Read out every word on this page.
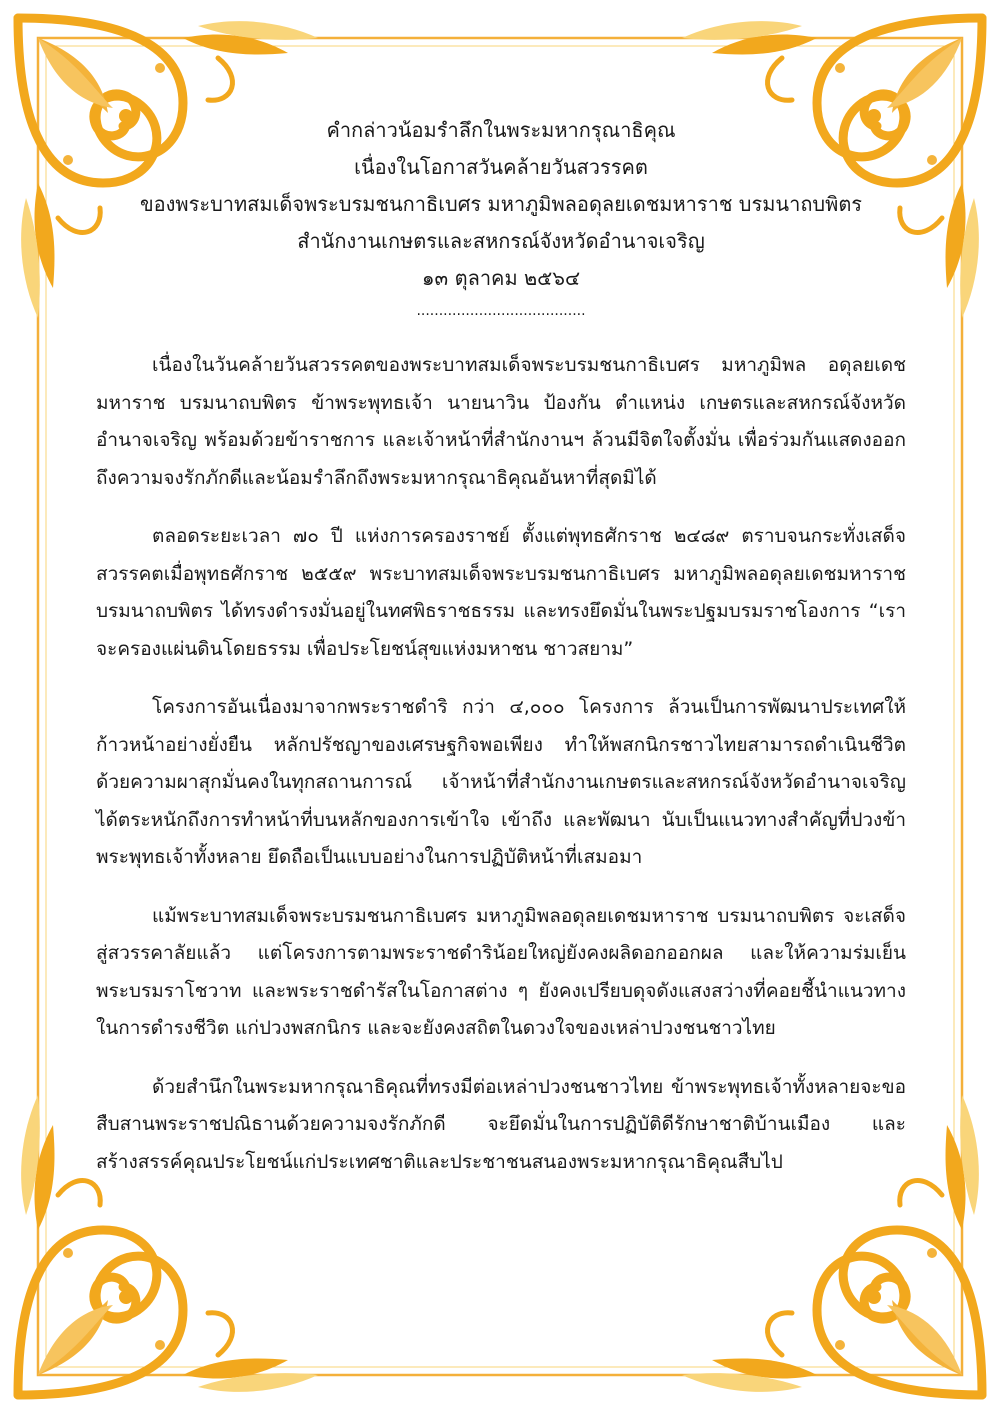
คำกล่าวน้อมรำลึกในพระมหากรุณาธิคุณ
เนื่องในโอกาสวันคล้ายวันสวรรคต
ของพระบาทสมเด็จพระบรมชนกาธิเบศร มหาภูมิพลอดุลยเดชมหาราช บรมนาถบพิตร
สำนักงานเกษตรและสหกรณ์จังหวัดอำนาจเจริญ
๑๓ ตุลาคม ๒๕๖๔
......................................

เนื่องในวันคล้ายวันสวรรคตของพระบาทสมเด็จพระบรมชนกาธิเบศร มหาภูมิพล อดุลยเดช มหาราช บรมนาถบพิตร ข้าพระพุทธเจ้า นายนาวิน ป้องกัน ตำแหน่ง เกษตรและสหกรณ์จังหวัดอำนาจเจริญ พร้อมด้วยข้าราชการ และเจ้าหน้าที่สำนักงานฯ ล้วนมีจิตใจตั้งมั่น เพื่อร่วมกันแสดงออกถึงความจงรักภักดีและน้อมรำลึกถึงพระมหากรุณาธิคุณอันหาที่สุดมิได้

ตลอดระยะเวลา ๗๐ ปี แห่งการครองราชย์ ตั้งแต่พุทธศักราช ๒๔๘๙ ตราบจนกระทั่งเสด็จสวรรคตเมื่อพุทธศักราช ๒๕๕๙ พระบาทสมเด็จพระบรมชนกาธิเบศร มหาภูมิพลอดุลยเดชมหาราช บรมนาถบพิตร ได้ทรงดำรงมั่นอยู่ในทศพิธราชธรรม และทรงยึดมั่นในพระปฐมบรมราชโองการ “เราจะครองแผ่นดินโดยธรรม เพื่อประโยชน์สุขแห่งมหาชน ชาวสยาม”

โครงการอันเนื่องมาจากพระราชดำริ กว่า ๔,๐๐๐ โครงการ ล้วนเป็นการพัฒนาประเทศให้ก้าวหน้าอย่างยั่งยืน หลักปรัชญาของเศรษฐกิจพอเพียง ทำให้พสกนิกรชาวไทยสามารถดำเนินชีวิตด้วยความผาสุกมั่นคงในทุกสถานการณ์ เจ้าหน้าที่สำนักงานเกษตรและสหกรณ์จังหวัดอำนาจเจริญ ได้ตระหนักถึงการทำหน้าที่บนหลักของการเข้าใจ เข้าถึง และพัฒนา นับเป็นแนวทางสำคัญที่ปวงข้าพระพุทธเจ้าทั้งหลาย ยึดถือเป็นแบบอย่างในการปฏิบัติหน้าที่เสมอมา

แม้พระบาทสมเด็จพระบรมชนกาธิเบศร มหาภูมิพลอดุลยเดชมหาราช บรมนาถบพิตร จะเสด็จสู่สวรรคาลัยแล้ว แต่โครงการตามพระราชดำริน้อยใหญ่ยังคงผลิดอกออกผล และให้ความร่มเย็น พระบรมราโชวาท และพระราชดำรัสในโอกาสต่าง ๆ ยังคงเปรียบดุจดังแสงสว่างที่คอยชี้นำแนวทางในการดำรงชีวิต แก่ปวงพสกนิกร และจะยังคงสถิตในดวงใจของเหล่าปวงชนชาวไทย

ด้วยสำนึกในพระมหากรุณาธิคุณที่ทรงมีต่อเหล่าปวงชนชาวไทย ข้าพระพุทธเจ้าทั้งหลายจะขอสืบสานพระราชปณิธานด้วยความจงรักภักดี จะยึดมั่นในการปฏิบัติดีรักษาชาติบ้านเมือง และสร้างสรรค์คุณประโยชน์แก่ประเทศชาติและประชาชนสนองพระมหากรุณาธิคุณสืบไป
